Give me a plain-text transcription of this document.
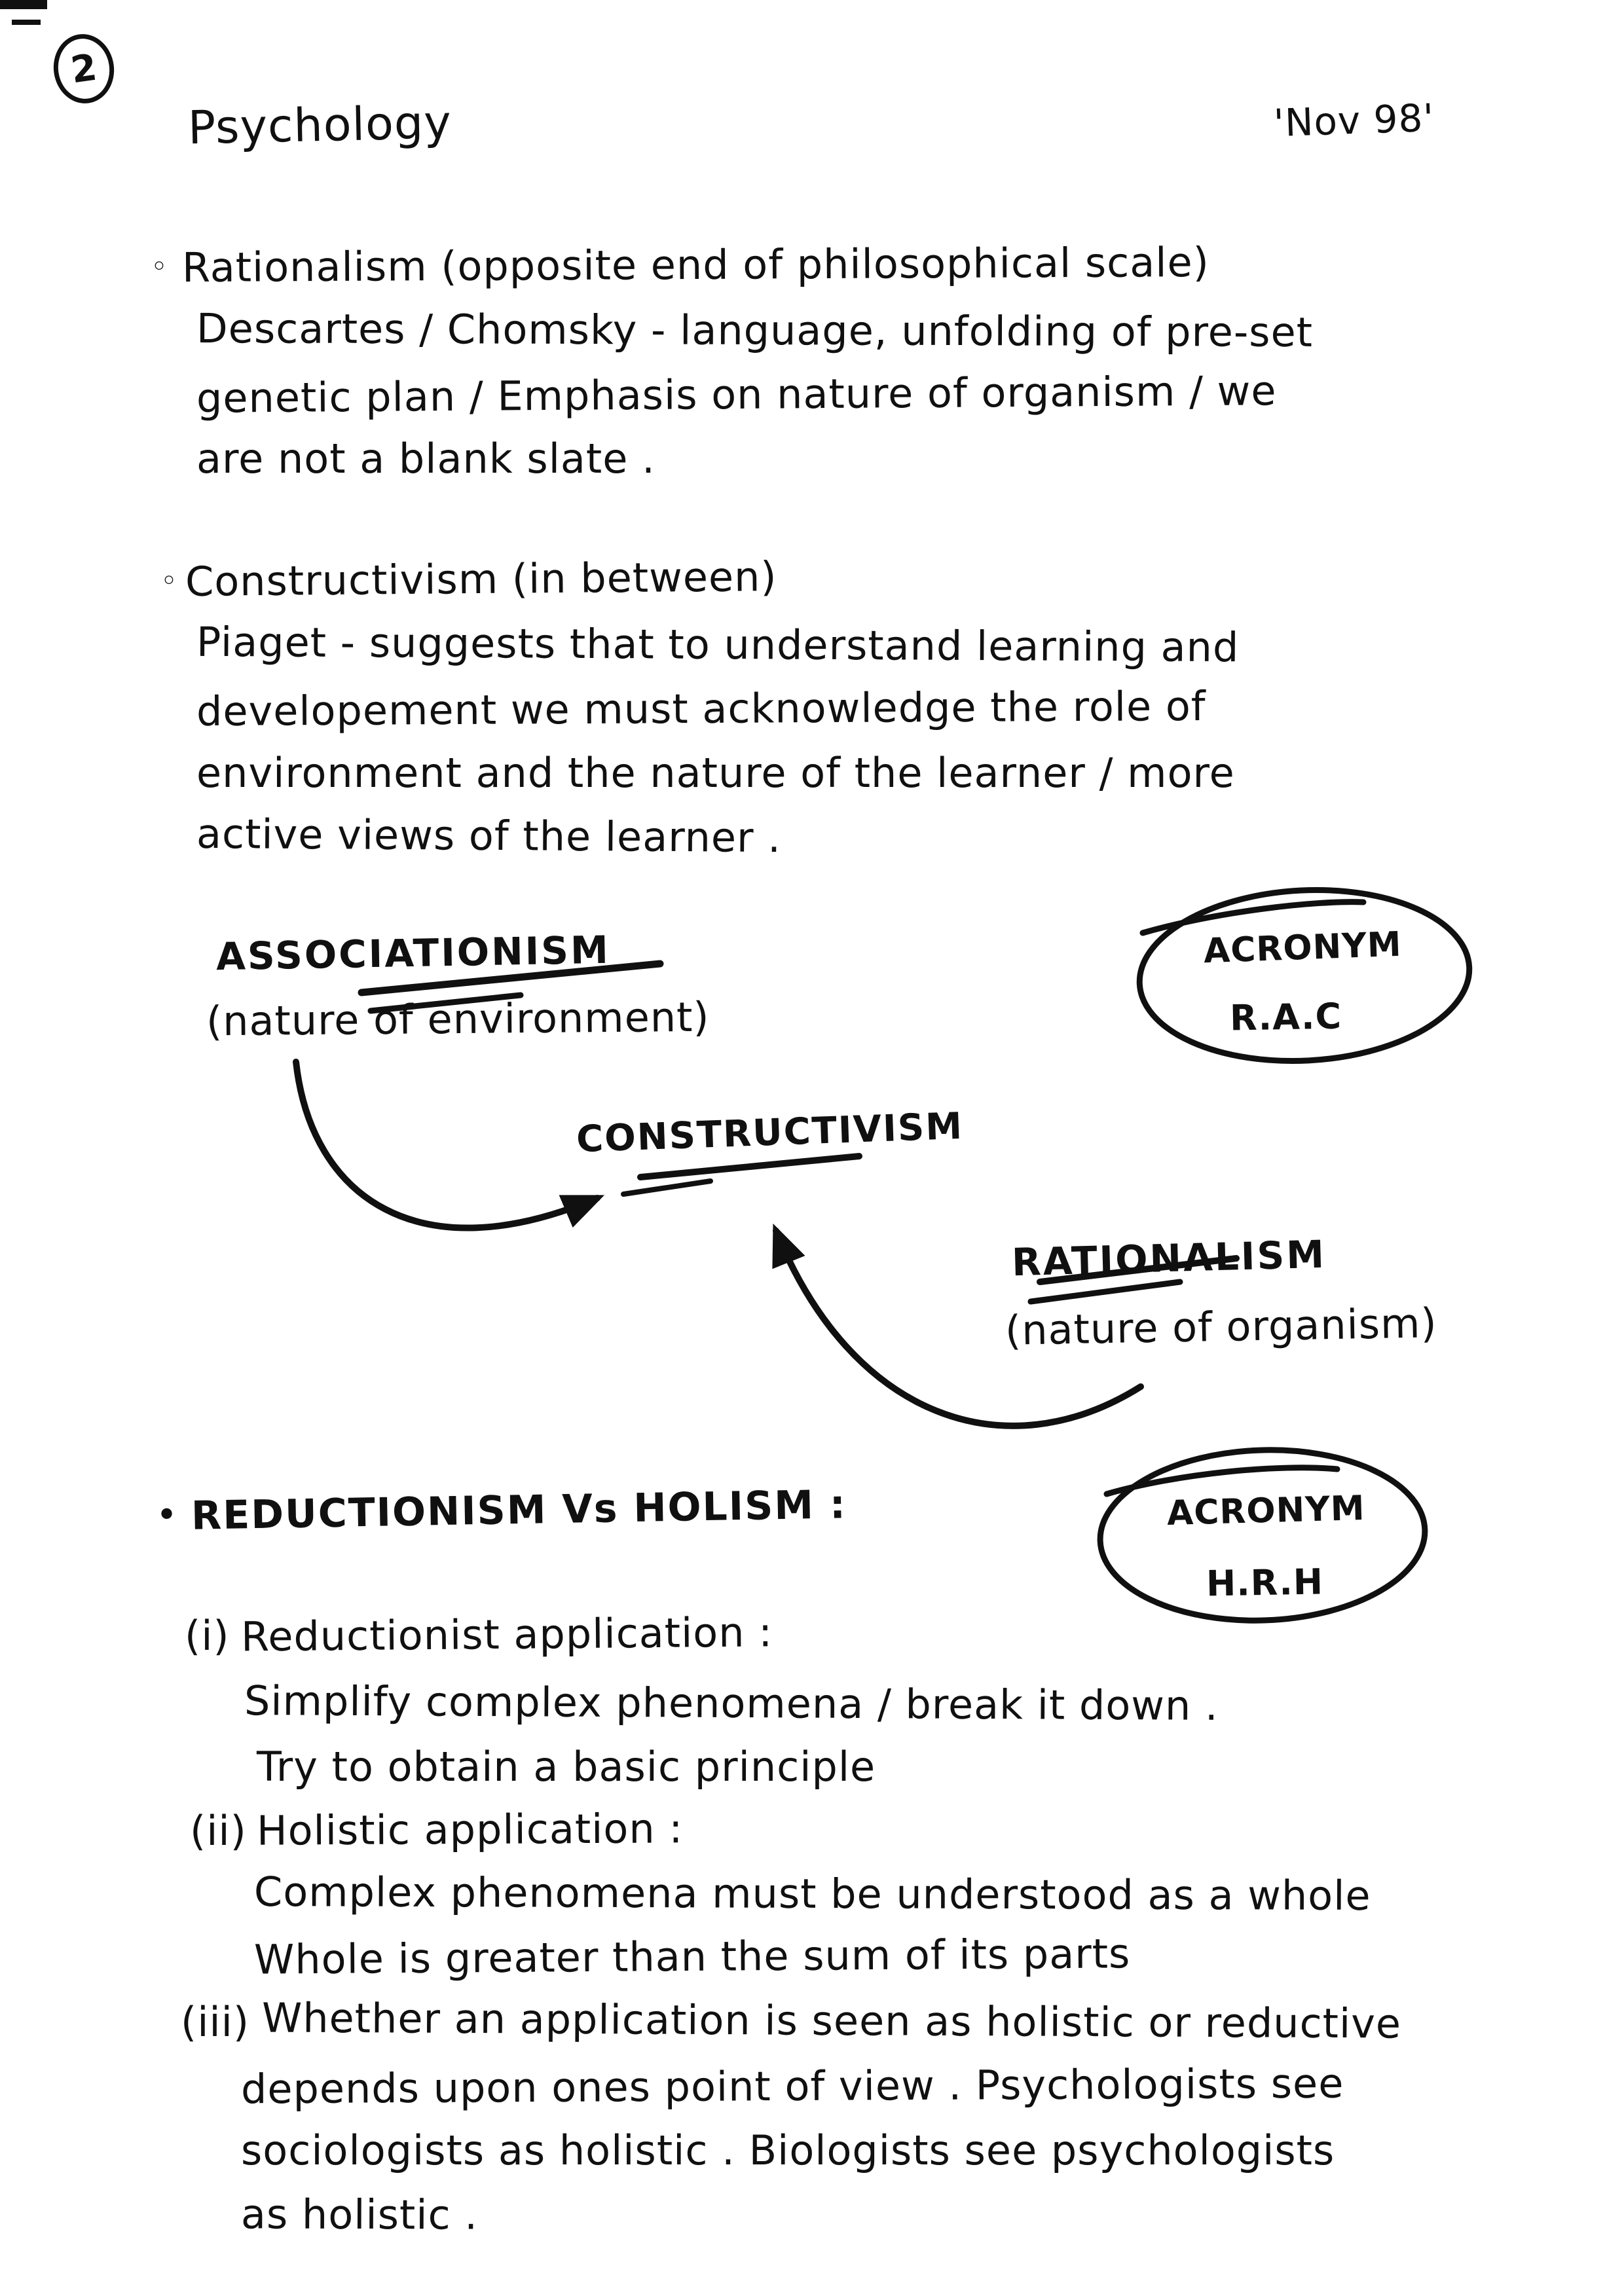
2
Psychology	'Nov 98'
◦ Rationalism (opposite end of philosophical scale)
Descartes / Chomsky - language, unfolding of pre-set
genetic plan / Emphasis on nature of organism / we
are not a blank slate .
◦ Constructivism (in between)
Piaget - suggests that to understand learning and
developement we must acknowledge the role of
environment and the nature of the learner / more
active views of the learner .
ASSOCIATIONISM
(nature of environment)
ACRONYM
R.A.C
CONSTRUCTIVISM
RATIONALISM
(nature of organism)
• REDUCTIONISM Vs HOLISM :	ACRONYM
H.R.H
(i) Reductionist application :
Simplify complex phenomena / break it down .
Try to obtain a basic principle
(ii) Holistic application :
Complex phenomena must be understood as a whole
Whole is greater than the sum of its parts
(iii) Whether an application is seen as holistic or reductive
depends upon ones point of view . Psychologists see
sociologists as holistic . Biologists see psychologists
as holistic .
